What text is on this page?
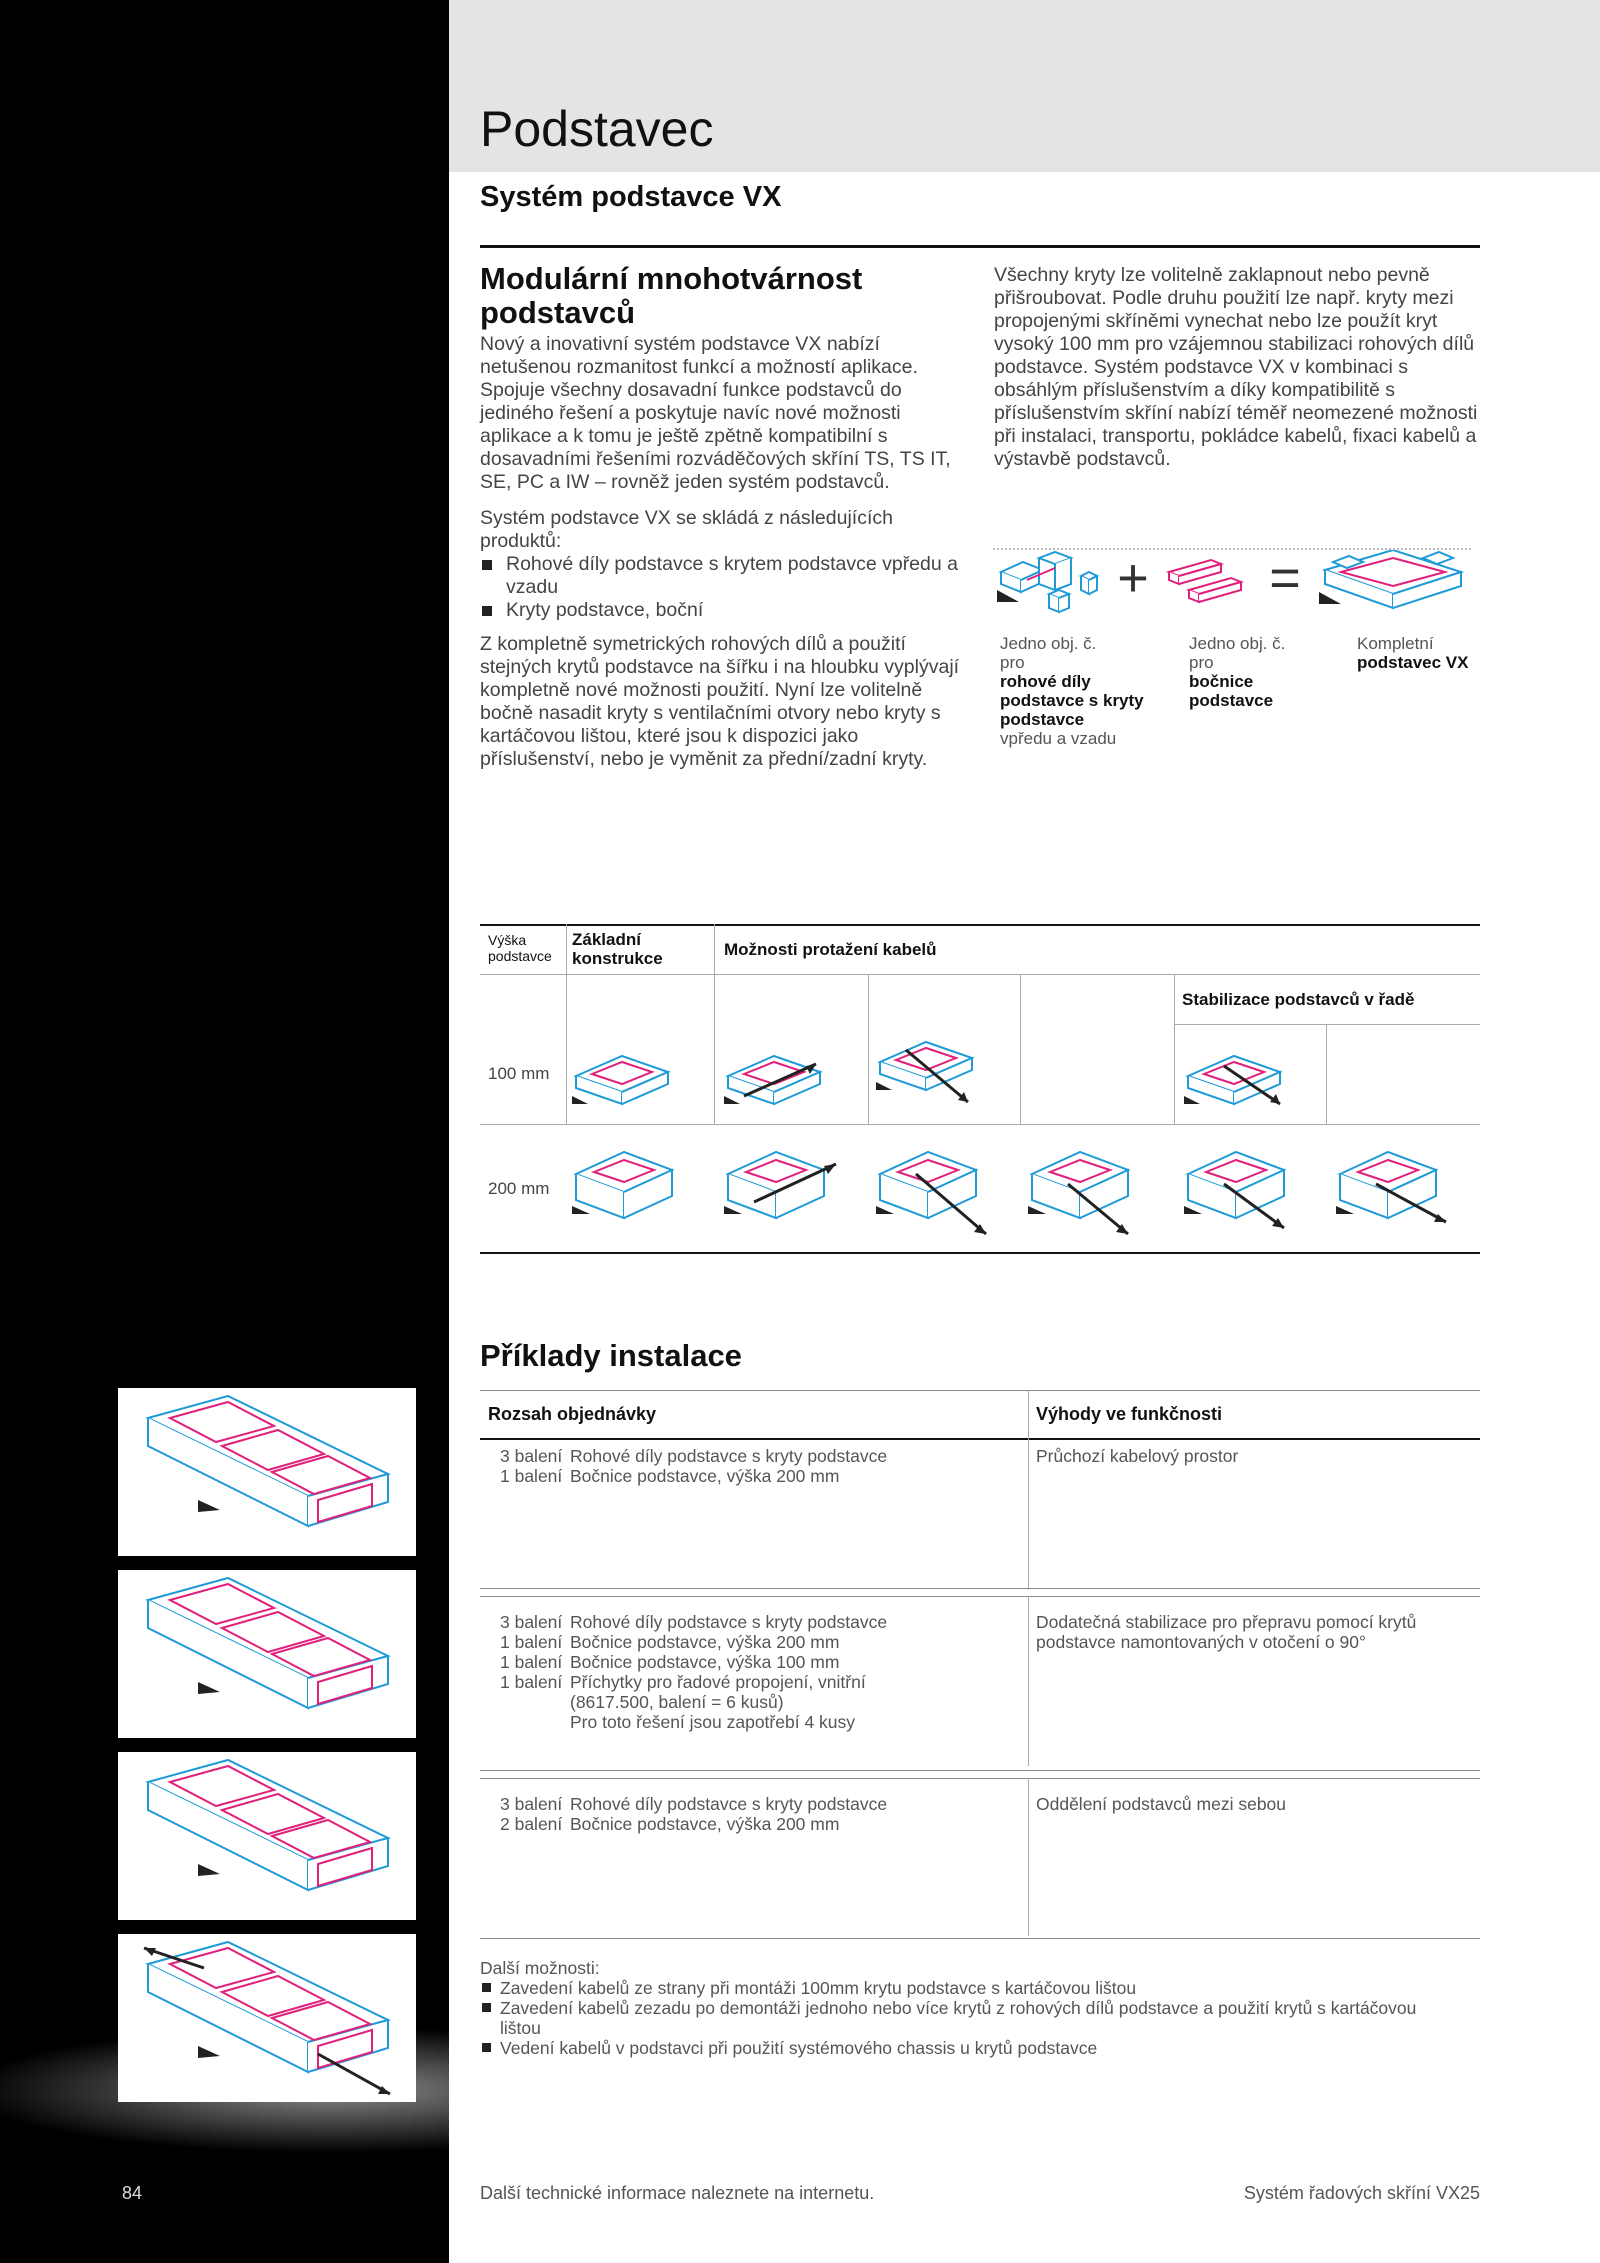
Podstavec
Systém podstavce VX
Modulární mnohotvárnost podstavců
Nový a inovativní systém podstavce VX nabízí netušenou rozmanitost funkcí a možností aplikace. Spojuje všechny dosavadní funkce podstavců do jediného řešení a poskytuje navíc nové možnosti aplikace a k tomu je ještě zpětně kompatibilní s dosavadními řešeními rozváděčových skříní TS, TS IT, SE, PC a IW – rovněž jeden systém podstavců.
Systém podstavce VX se skládá z následujících produktů:
Rohové díly podstavce s krytem podstavce vpředu a vzadu
Kryty podstavce, boční
Z kompletně symetrických rohových dílů a použití stejných krytů podstavce na šířku i na hloubku vyplývají kompletně nové možnosti použití. Nyní lze volitelně bočně nasadit kryty s ventilačními otvory nebo kryty s kartáčovou lištou, které jsou k dispozici jako příslušenství, nebo je vyměnit za přední/zadní kryty.
Všechny kryty lze volitelně zaklapnout nebo pevně přišroubovat. Podle druhu použití lze např. kryty mezi propojenými skříněmi vynechat nebo lze použít kryt vysoký 100 mm pro vzájemnou stabilizaci rohových dílů podstavce. Systém podstavce VX v kombinaci s obsáhlým příslušenstvím a díky kompatibilitě s příslušenstvím skříní nabízí téměř neomezené možnosti při instalaci, transportu, pokládce kabelů, fixaci kabelů a výstavbě podstavců.
+ =
Jedno obj. č.
pro
rohové díly podstavce s kryty podstavce
vpředu a vzadu
Jedno obj. č.
pro
bočnice podstavce
Kompletní
podstavec VX
Výška podstavce
Základní konstrukce	Možnosti protažení kabelů
Stabilizace podstavců v řadě
100 mm
200 mm
Příklady instalace
Rozsah objednávky	Výhody ve funkčnosti
3 balení Rohové díly podstavce s kryty podstavce
1 balení Bočnice podstavce, výška 200 mm
Průchozí kabelový prostor
3 balení Rohové díly podstavce s kryty podstavce
1 balení Bočnice podstavce, výška 200 mm
1 balení Bočnice podstavce, výška 100 mm
1 balení Příchytky pro řadové propojení, vnitřní
(8617.500, balení = 6 kusů)
Pro toto řešení jsou zapotřebí 4 kusy
Dodatečná stabilizace pro přepravu pomocí krytů podstavce namontovaných v otočení o 90°
3 balení Rohové díly podstavce s kryty podstavce
2 balení Bočnice podstavce, výška 200 mm
Oddělení podstavců mezi sebou
Další možnosti:
Zavedení kabelů ze strany při montáži 100mm krytu podstavce s kartáčovou lištou
Zavedení kabelů zezadu po demontáži jednoho nebo více krytů z rohových dílů podstavce a použití krytů s kartáčovou lištou
Vedení kabelů v podstavci při použití systémového chassis u krytů podstavce
84	Další technické informace naleznete na internetu.	Systém řadových skříní VX25
